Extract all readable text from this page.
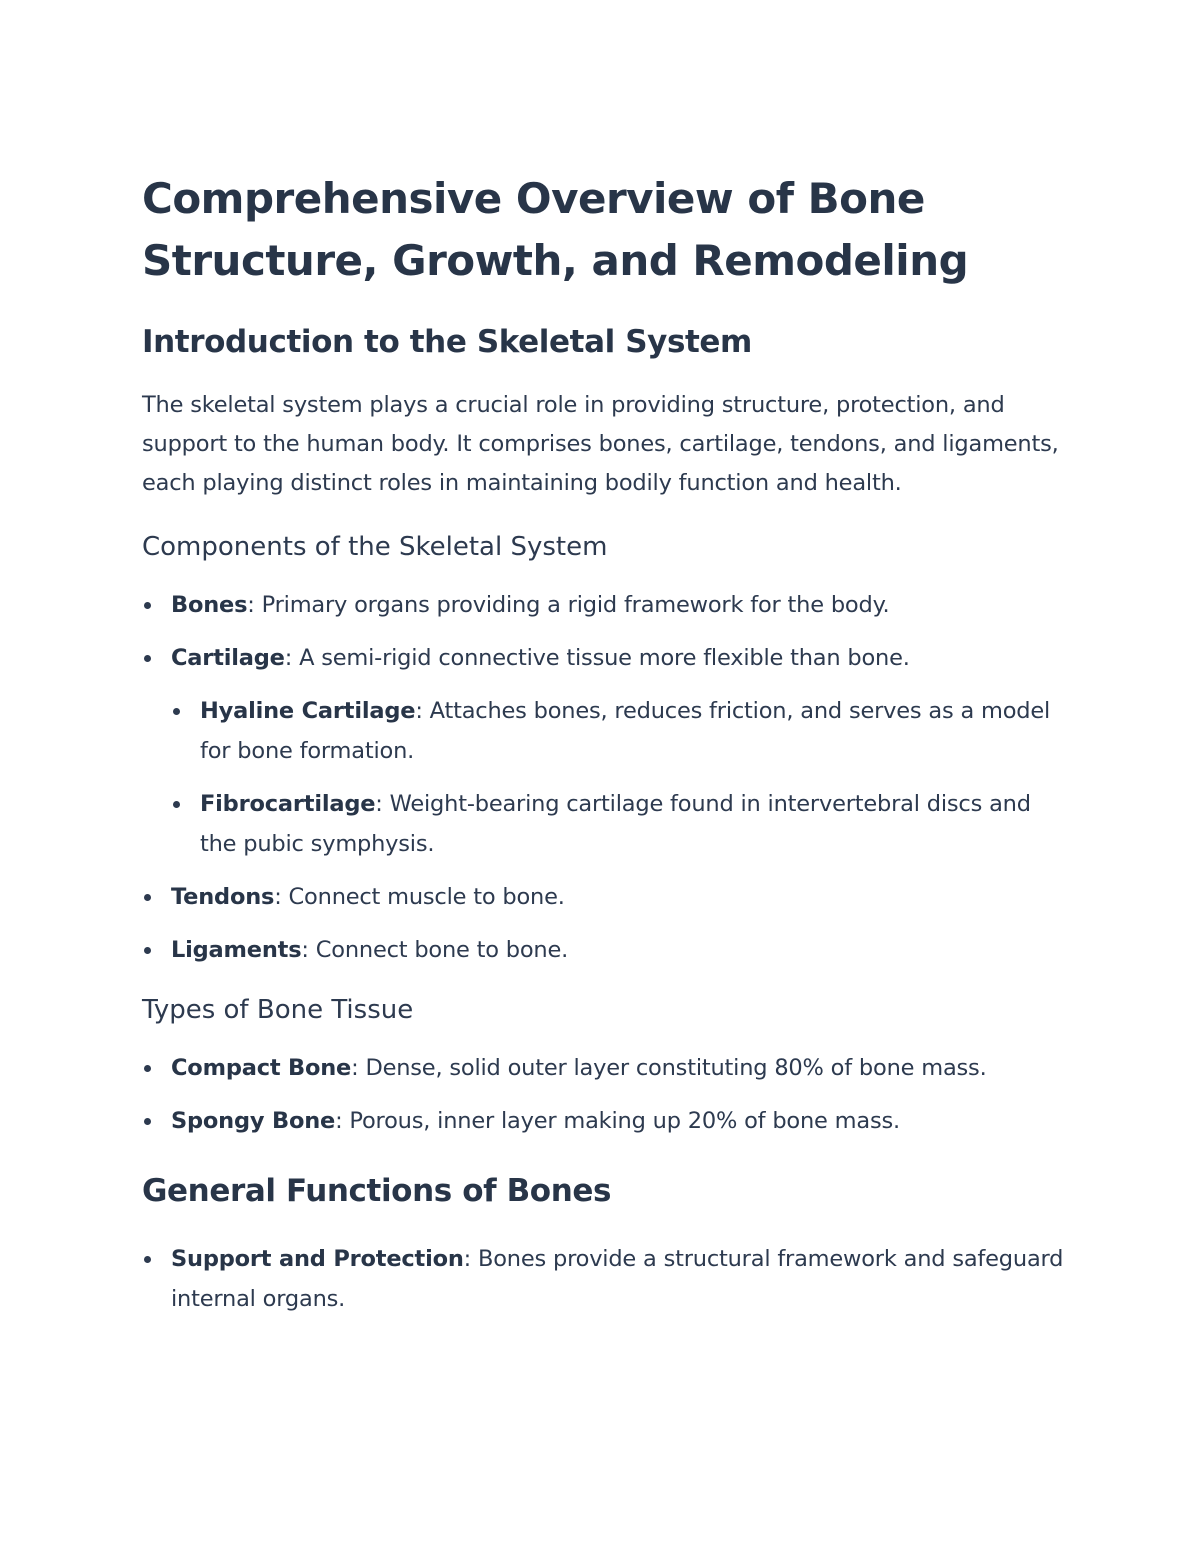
Comprehensive Overview of Bone Structure, Growth, and Remodeling
Introduction to the Skeletal System

The skeletal system plays a crucial role in providing structure, protection, and support to the human body. It comprises bones, cartilage, tendons, and ligaments, each playing distinct roles in maintaining bodily function and health.

Components of the Skeletal System
Bones: Primary organs providing a rigid framework for the body.
Cartilage: A semi-rigid connective tissue more flexible than bone.
Hyaline Cartilage: Attaches bones, reduces friction, and serves as a model for bone formation.
Fibrocartilage: Weight-bearing cartilage found in intervertebral discs and the pubic symphysis.
Tendons: Connect muscle to bone.
Ligaments: Connect bone to bone.
Types of Bone Tissue
Compact Bone: Dense, solid outer layer constituting 80% of bone mass.
Spongy Bone: Porous, inner layer making up 20% of bone mass.
General Functions of Bones
Support and Protection: Bones provide a structural framework and safeguard internal organs.
